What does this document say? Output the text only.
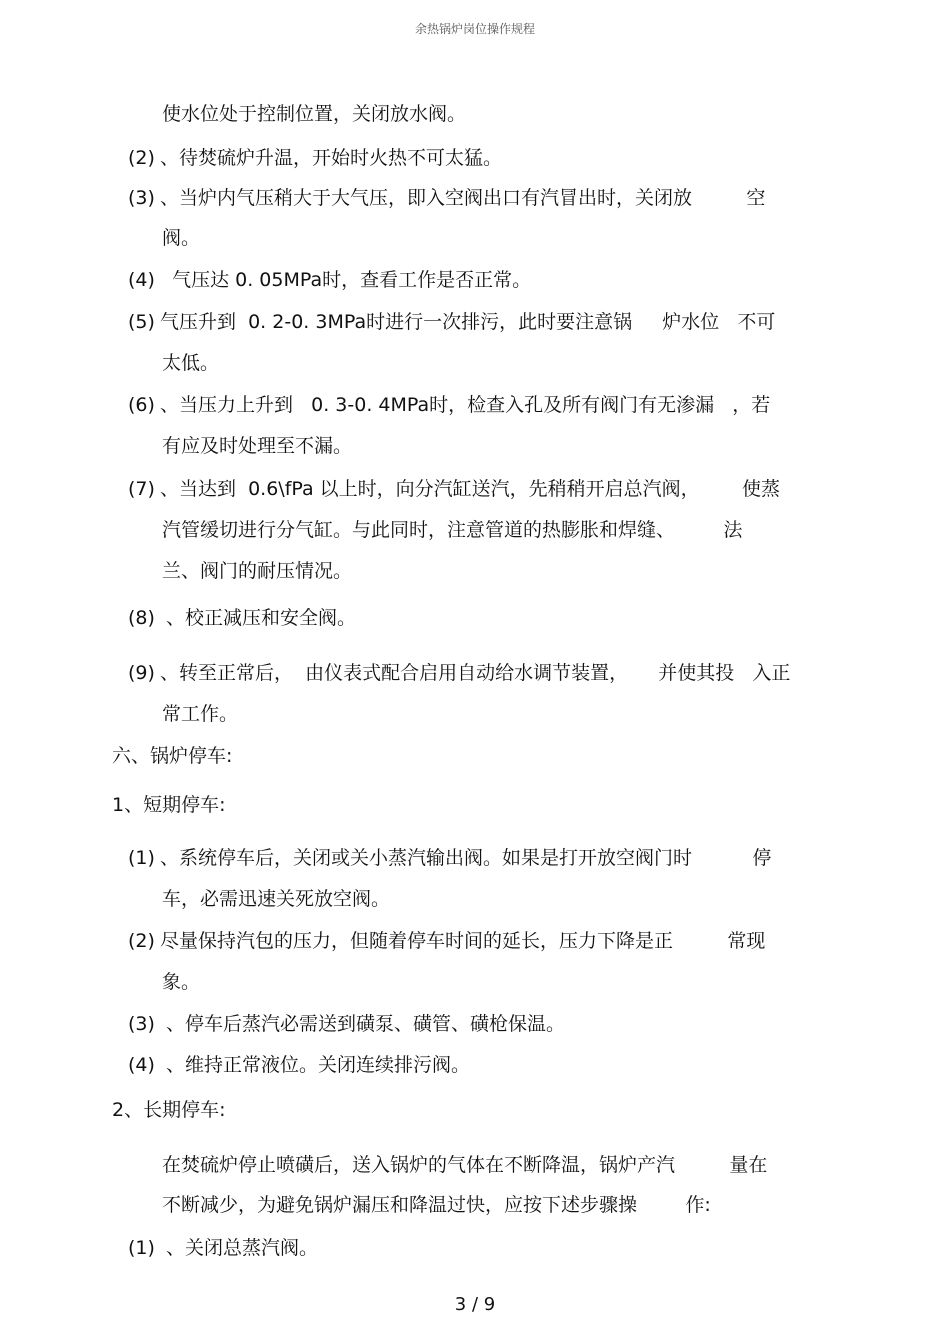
余热锅炉岗位操作规程
使水位处于控制位置，关闭放水阀。
(2) 、待焚硫炉升温，开始时火热不可太猛。
(3) 、当炉内气压稍大于大气压，即入空阀出口有汽冒出时，关闭放         空
阀。
(4) 气压达 0. 05MPa时，查看工作是否正常。
(5) 气压升到  0. 2-0. 3MPa时进行一次排污，此时要注意锅     炉水位   不可
太低。
(6) 、当压力上升到   0. 3-0. 4MPa时，检查入孔及所有阀门有无渗漏   ，若
有应及时处理至不漏。
(7) 、当达到  0.6\fPa 以上时，向分汽缸送汽，先稍稍开启总汽阀，       使蒸
汽管缓切进行分气缸。与此同时，注意管道的热膨胀和焊缝、        法
兰、阀门的耐压情况。
(8) 、校正减压和安全阀。
(9) 、转至正常后，  由仪表式配合启用自动给水调节装置，     并使其投   入正
常工作。
六、锅炉停车:
1、短期停车:
(1) 、系统停车后，关闭或关小蒸汽输出阀。如果是打开放空阀门时          停
车，必需迅速关死放空阀。
(2) 尽量保持汽包的压力，但随着停车时间的延长，压力下降是正         常现
象。
(3) 、停车后蒸汽必需送到磺泵、磺管、磺枪保温。
(4) 、维持正常液位。关闭连续排污阀。
2、长期停车:
在焚硫炉停止喷磺后，送入锅炉的气体在不断降温，锅炉产汽         量在
不断减少，为避免锅炉漏压和降温过快，应按下述步骤操        作:
(1) 、关闭总蒸汽阀。
3 / 9
